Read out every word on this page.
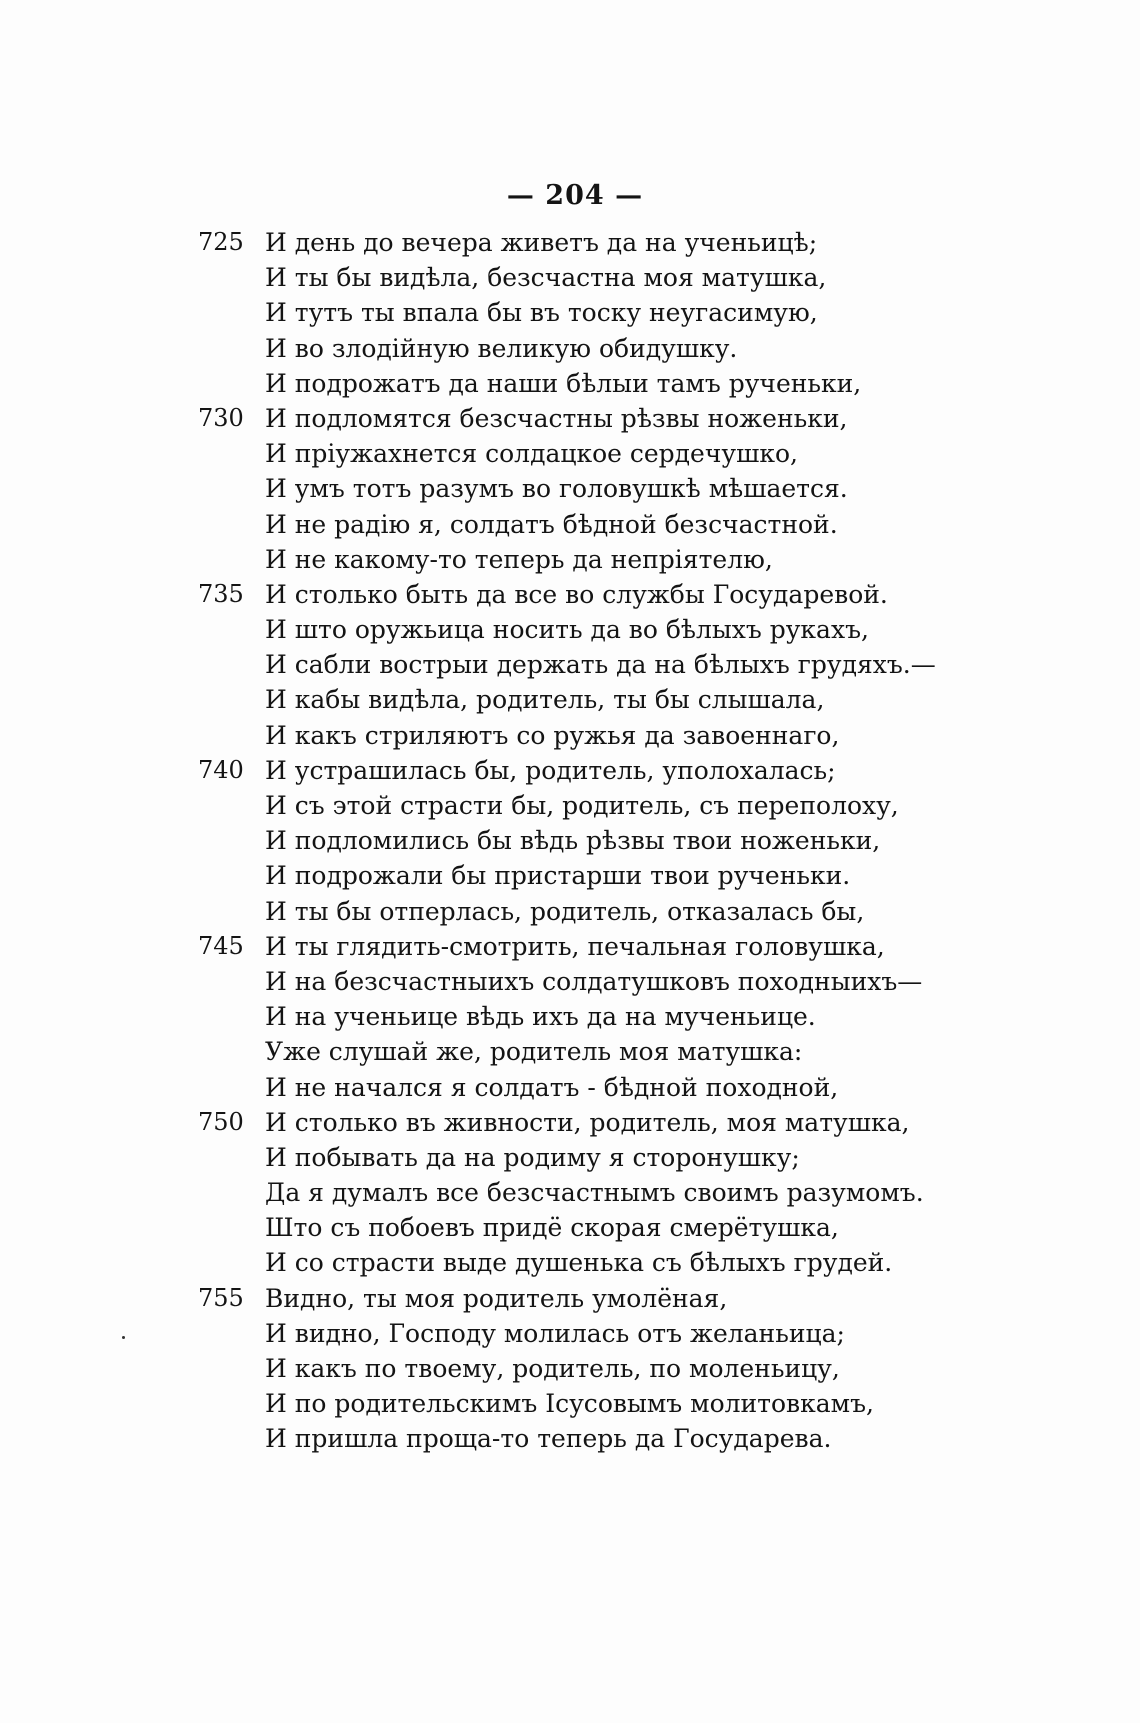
— 204 —
725 И день до вечера живетъ да на ученьицѣ;
И ты бы видѣла, безсчастна моя матушка,
И тутъ ты впала бы въ тоску неугасимую,
И во злодійную великую обидушку.
И подрожатъ да наши бѣлыи тамъ рученьки,
730 И подломятся безсчастны рѣзвы ноженьки,
И пріужахнется солдацкое сердечушко,
И умъ тотъ разумъ во головушкѣ мѣшается.
И не радію я, солдатъ бѣдной безсчастной.
И не какому-то теперь да непріятелю,
735 И столько быть да все во службы Государевой.
И што оружьица носить да во бѣлыхъ рукахъ,
И сабли вострыи держать да на бѣлыхъ грудяхъ.—
И кабы видѣла, родитель, ты бы слышала,
И какъ стриляютъ со ружья да завоеннаго,
740 И устрашилась бы, родитель, уполохалась;
И съ этой страсти бы, родитель, съ переполоху,
И подломились бы вѣдь рѣзвы твои ноженьки,
И подрожали бы пристарши твои рученьки.
И ты бы отперлась, родитель, отказалась бы,
745 И ты глядить-смотрить, печальная головушка,
И на безсчастныихъ солдатушковъ походныихъ—
И на ученьице вѣдь ихъ да на мученьице.
Уже слушай же, родитель моя матушка:
И не начался я солдатъ - бѣдной походной,
750 И столько въ живности, родитель, моя матушка,
И побывать да на родиму я сторонушку;
Да я думалъ все безсчастнымъ своимъ разумомъ.
Што съ побоевъ придё скорая смерётушка,
И со страсти выде душенька съ бѣлыхъ грудей.
755 Видно, ты моя родитель умолёная,
И видно, Господу молилась отъ желаньица;
И какъ по твоему, родитель, по моленьицу,
И по родительскимъ Ісусовымъ молитовкамъ,
И пришла проща-то теперь да Государева.
